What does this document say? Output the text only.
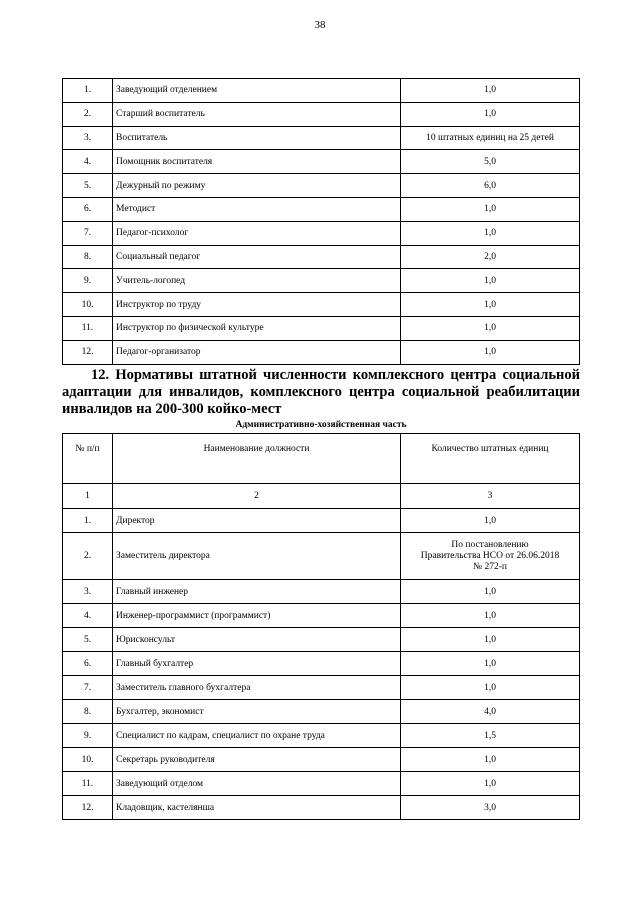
38
1.	Заведующий отделением	1,0
2.	Старший воспитатель	1,0
3.	Воспитатель	10 штатных единиц на 25 детей
4.	Помощник воспитателя	5,0
5.	Дежурный по режиму	6,0
6.	Методист	1,0
7.	Педагог-психолог	1,0
8.	Социальный педагог	2,0
9.	Учитель-логопед	1,0
10.	Инструктор по труду	1,0
11.	Инструктор по физической культуре	1,0
12.	Педагог-организатор	1,0
12. Нормативы штатной численности комплексного центра социальной адаптации для инвалидов, комплексного центра социальной реабилитации
инвалидов на 200-300 койко-мест
Административно-хозяйственная часть
№ п/п	Наименование должности	Количество штатных единиц
1	2	3
1.	Директор	1,0
2.	Заместитель директора	По постановлению
Правительства НСО от 26.06.2018
№ 272-п

3.	Главный инженер	1,0
4.	Инженер-программист (программист)	1,0
5.	Юрисконсульт	1,0
6.	Главный бухгалтер	1,0
7.	Заместитель главного бухгалтера	1,0
8.	Бухгалтер, экономист	4,0
9.	Специалист по кадрам, специалист по охране труда	1,5
10.	Секретарь руководителя	1,0
11.	Заведующий отделом	1,0
12.	Кладовщик, кастелянша	3,0
